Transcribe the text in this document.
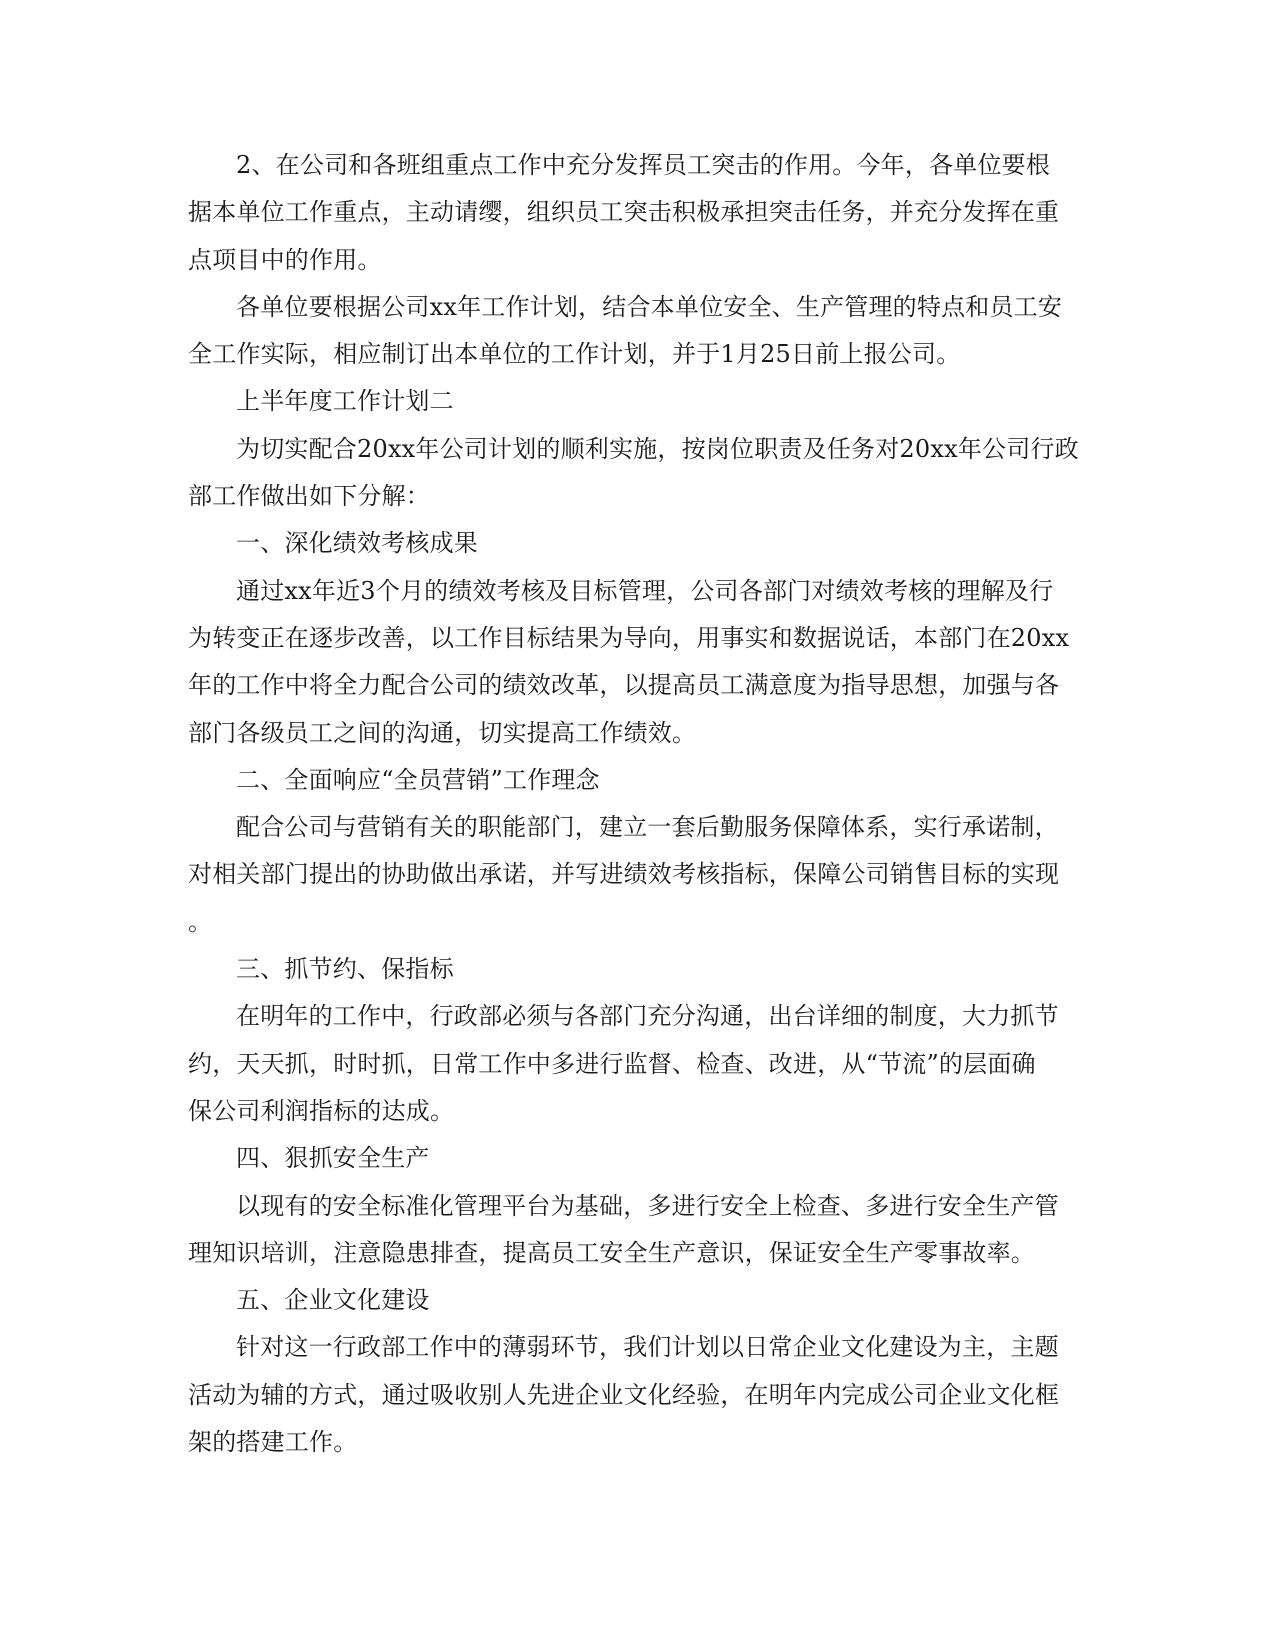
2、在公司和各班组重点工作中充分发挥员工突击的作用。今年，各单位要根
据本单位工作重点，主动请缨，组织员工突击积极承担突击任务，并充分发挥在重
点项目中的作用。
各单位要根据公司xx年工作计划，结合本单位安全、生产管理的特点和员工安
全工作实际，相应制订出本单位的工作计划，并于1月25日前上报公司。
上半年度工作计划二
为切实配合20xx年公司计划的顺利实施，按岗位职责及任务对20xx年公司行政
部工作做出如下分解：
一、深化绩效考核成果
通过xx年近3个月的绩效考核及目标管理，公司各部门对绩效考核的理解及行
为转变正在逐步改善，以工作目标结果为导向，用事实和数据说话，本部门在20xx
年的工作中将全力配合公司的绩效改革，以提高员工满意度为指导思想，加强与各
部门各级员工之间的沟通，切实提高工作绩效。
二、全面响应“全员营销”工作理念
配合公司与营销有关的职能部门，建立一套后勤服务保障体系，实行承诺制，
对相关部门提出的协助做出承诺，并写进绩效考核指标，保障公司销售目标的实现
。
三、抓节约、保指标
在明年的工作中，行政部必须与各部门充分沟通，出台详细的制度，大力抓节
约，天天抓，时时抓，日常工作中多进行监督、检查、改进，从“节流”的层面确
保公司利润指标的达成。
四、狠抓安全生产
以现有的安全标准化管理平台为基础，多进行安全上检查、多进行安全生产管
理知识培训，注意隐患排查，提高员工安全生产意识，保证安全生产零事故率。
五、企业文化建设
针对这一行政部工作中的薄弱环节，我们计划以日常企业文化建设为主，主题
活动为辅的方式，通过吸收别人先进企业文化经验，在明年内完成公司企业文化框
架的搭建工作。
